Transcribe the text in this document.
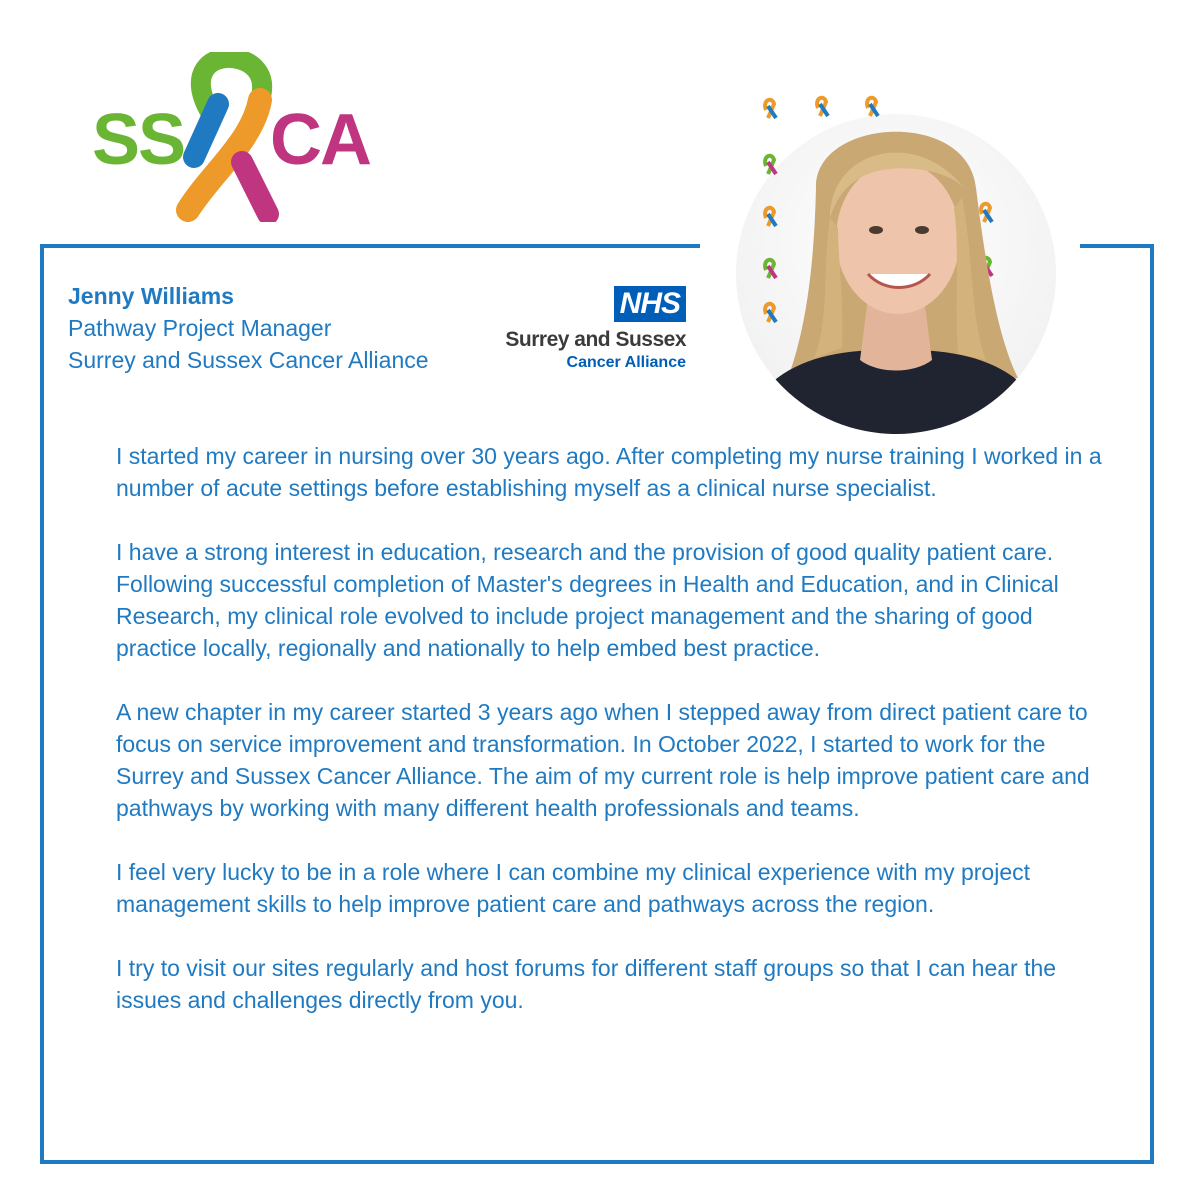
SS CA
Jenny Williams
Pathway Project Manager
Surrey and Sussex Cancer Alliance
NHS
Surrey and Sussex
Cancer Alliance

I started my career in nursing over 30 years ago. After completing my nurse training I worked in a number of acute settings before establishing myself as a clinical nurse specialist.

I have a strong interest in education, research and the provision of good quality patient care. Following successful completion of Master's degrees in Health and Education, and in Clinical Research, my clinical role evolved to include project management and the sharing of good practice locally, regionally and nationally to help embed best practice.

A new chapter in my career started 3 years ago when I stepped away from direct patient care to focus on service improvement and transformation. In October 2022, I started to work for the Surrey and Sussex Cancer Alliance. The aim of my current role is help improve patient care and pathways by working with many different health professionals and teams.

I feel very lucky to be in a role where I can combine my clinical experience with my project management skills to help improve patient care and pathways across the region.

I try to visit our sites regularly and host forums for different staff groups so that I can hear the issues and challenges directly from you.
